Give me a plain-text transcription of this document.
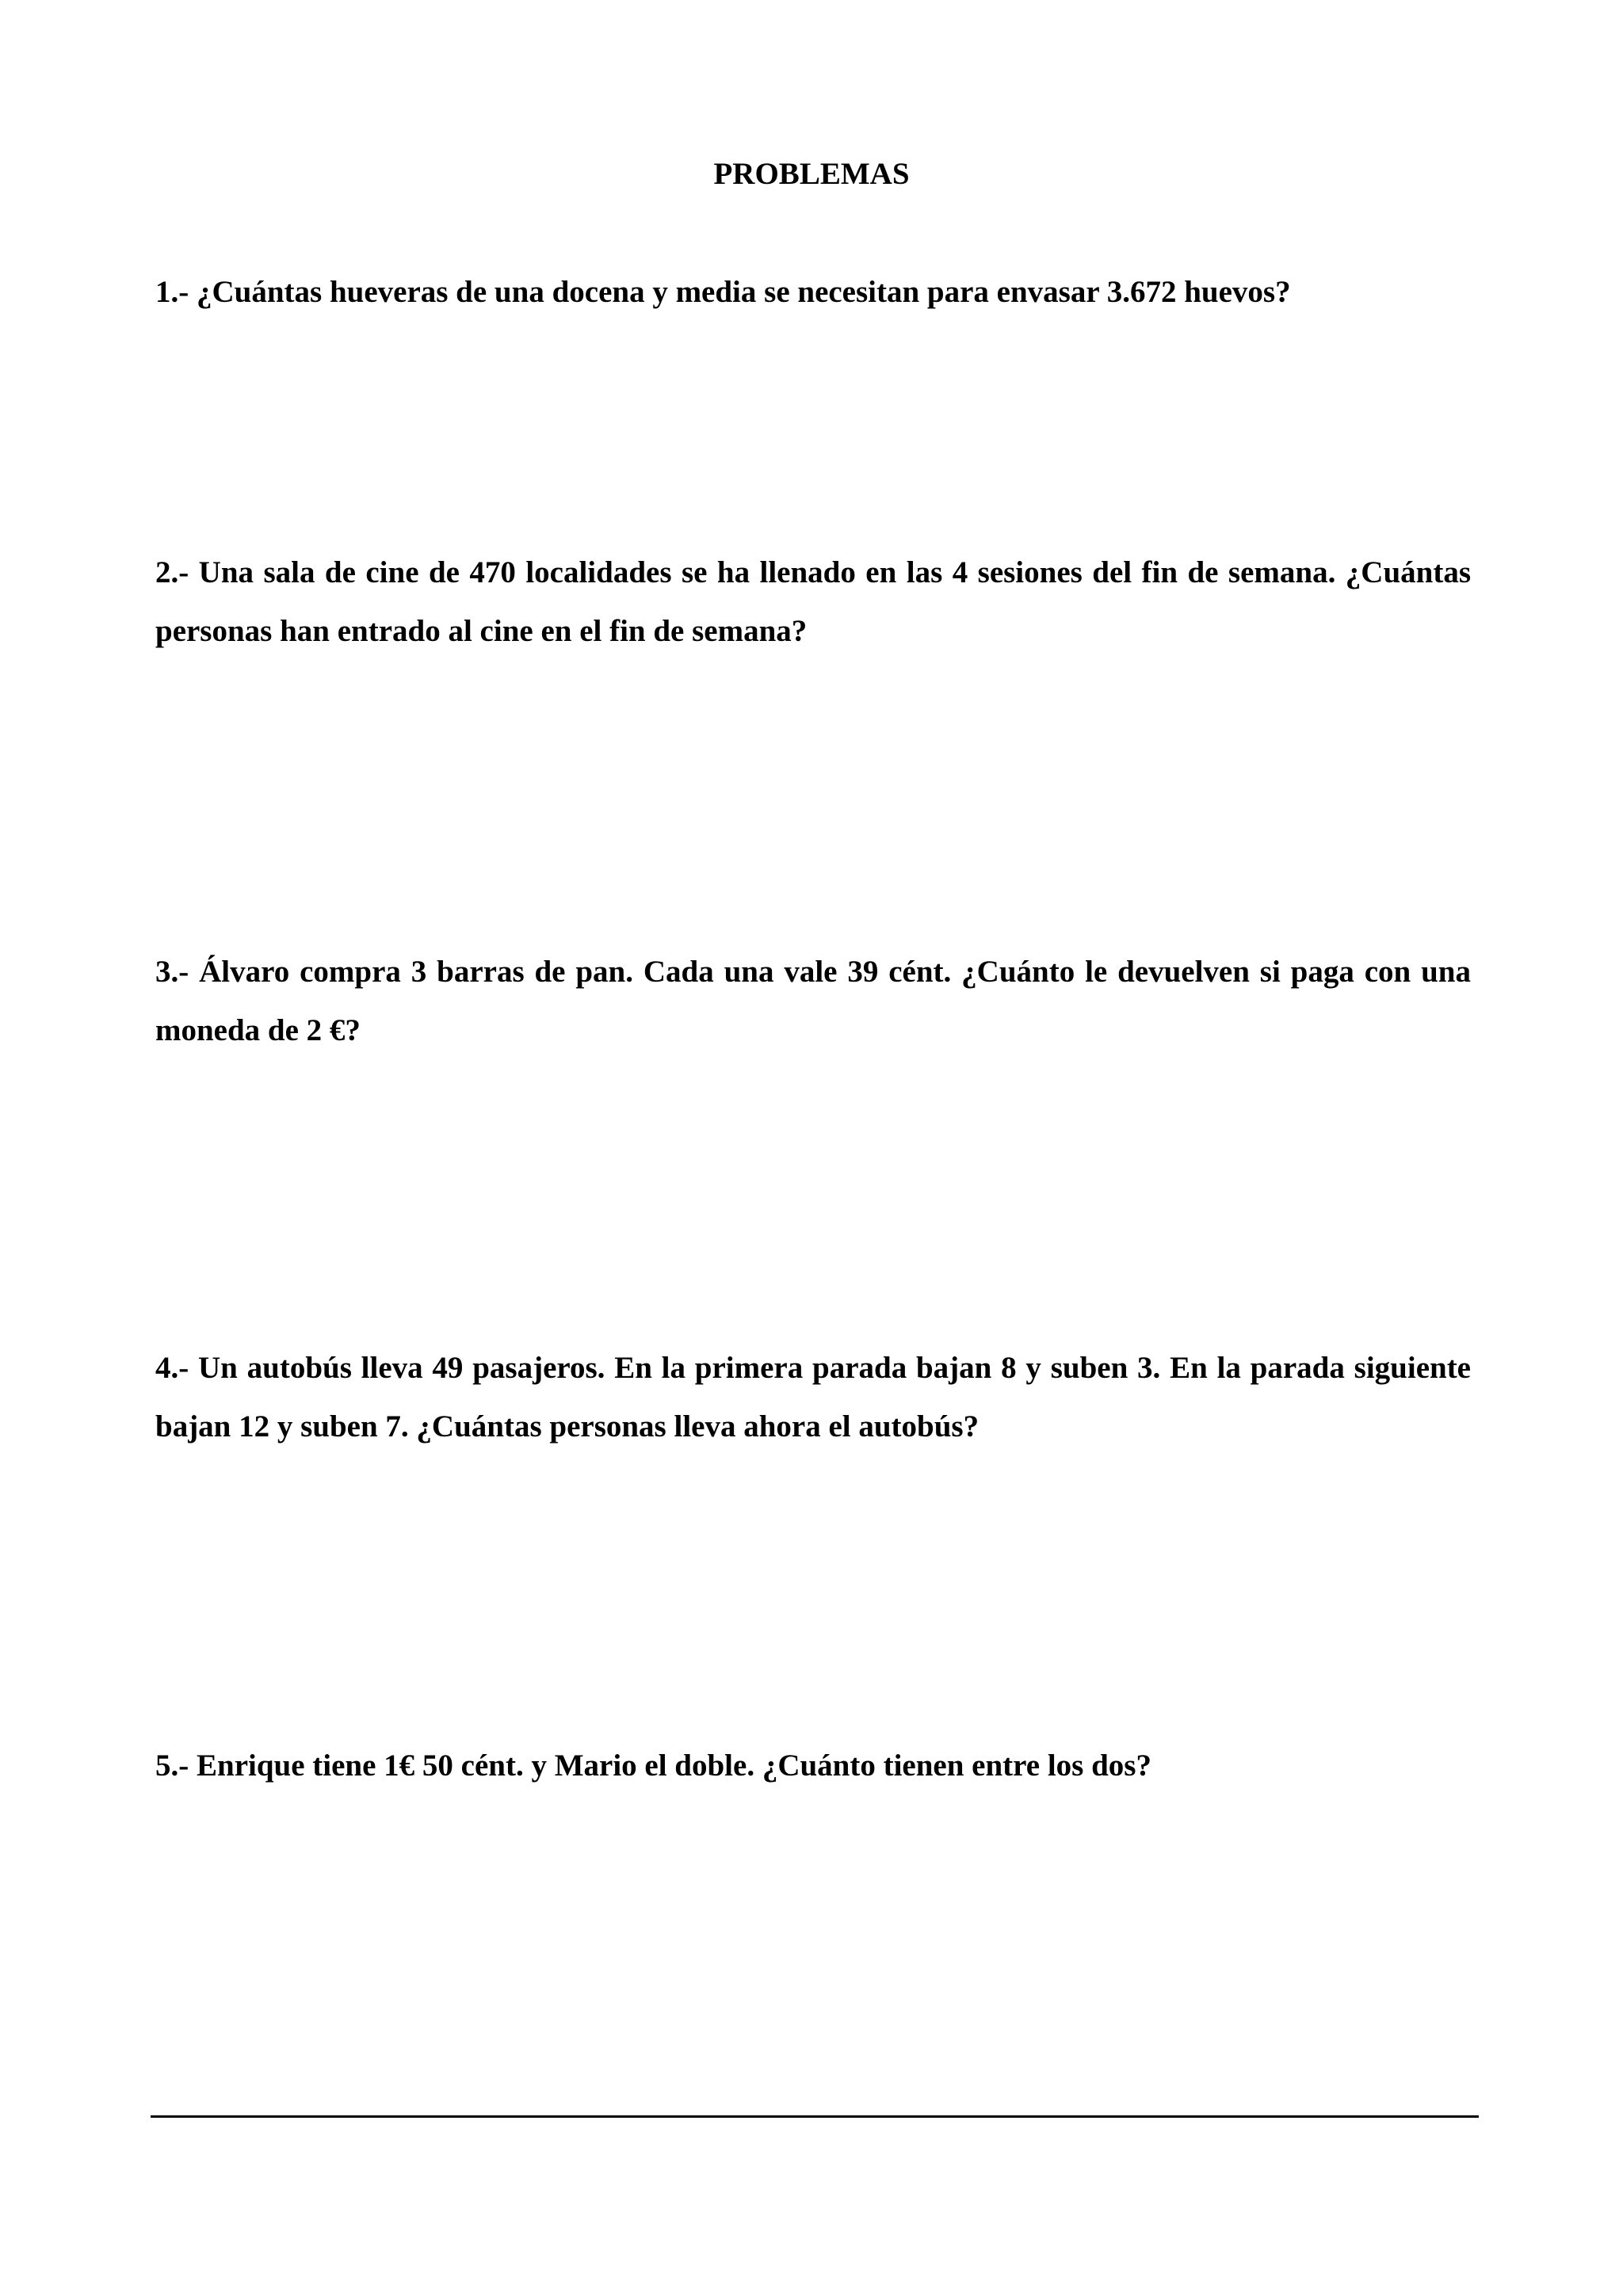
PROBLEMAS

1.- ¿Cuántas hueveras de una docena y media se necesitan para envasar 3.672 huevos?

2.- Una sala de cine de 470 localidades se ha llenado en las 4 sesiones del fin de semana. ¿Cuántas personas han entrado al cine en el fin de semana?

3.- Álvaro compra 3 barras de pan. Cada una vale 39 cént. ¿Cuánto le devuelven si paga con una moneda de 2 €?

4.- Un autobús lleva 49 pasajeros. En la primera parada bajan 8 y suben 3. En la parada siguiente bajan 12 y suben 7. ¿Cuántas personas lleva ahora el autobús?

5.- Enrique tiene 1€ 50 cént. y Mario el doble. ¿Cuánto tienen entre los dos?
